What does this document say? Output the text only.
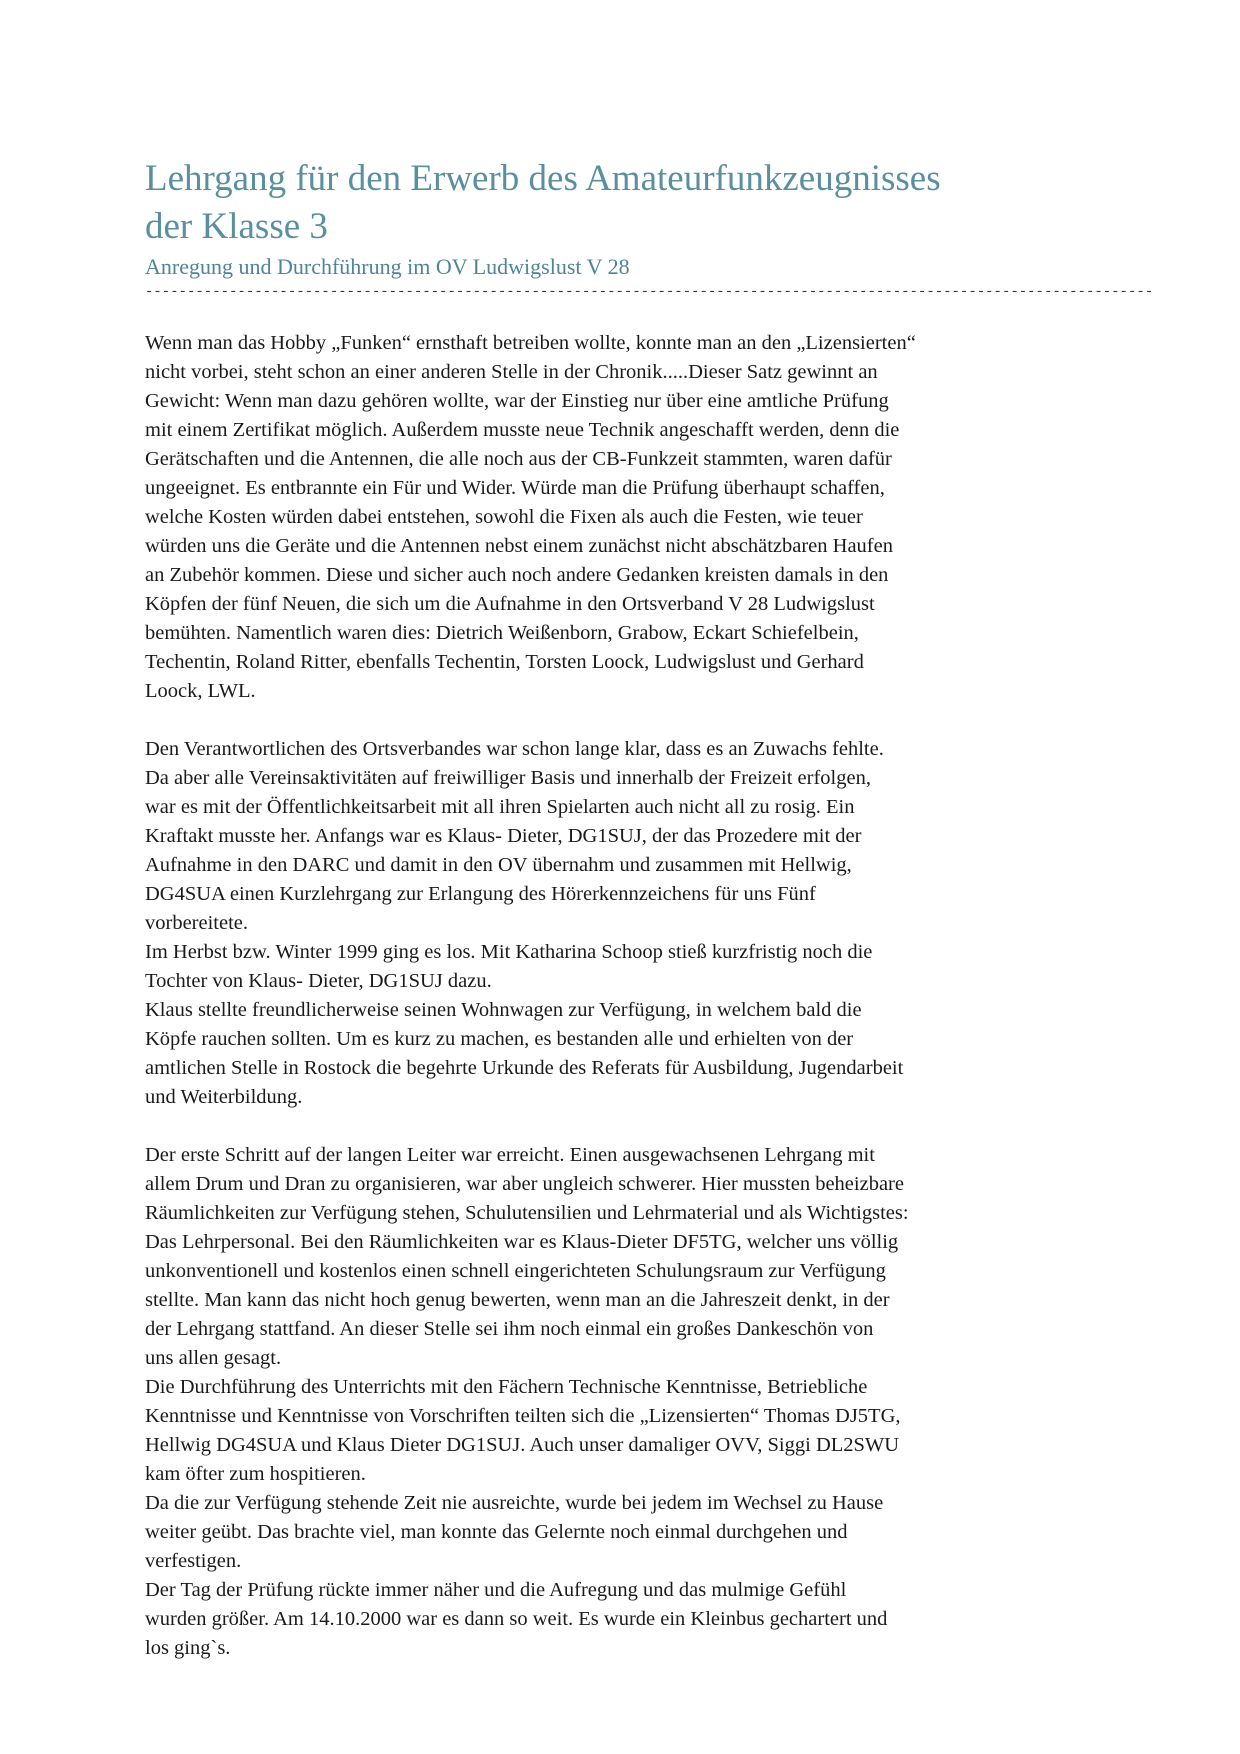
Lehrgang für den Erwerb des Amateurfunkzeugnisses
der Klasse 3
Anregung und Durchführung im OV Ludwigslust V 28
------------------------------------------------------------------------------------------------------------------------
Wenn man das Hobby „Funken“ ernsthaft betreiben wollte, konnte man an den „Lizensierten“
nicht vorbei, steht schon an einer anderen Stelle in der Chronik.....Dieser Satz gewinnt an
Gewicht: Wenn man dazu gehören wollte, war der Einstieg nur über eine amtliche Prüfung
mit einem Zertifikat möglich. Außerdem musste neue Technik angeschafft werden, denn die
Gerätschaften und die Antennen, die alle noch aus der CB-Funkzeit stammten, waren dafür
ungeeignet. Es entbrannte ein Für und Wider. Würde man die Prüfung überhaupt schaffen,
welche Kosten würden dabei entstehen, sowohl die Fixen als auch die Festen, wie teuer
würden uns die Geräte und die Antennen nebst einem zunächst nicht abschätzbaren Haufen
an Zubehör kommen. Diese und sicher auch noch andere Gedanken kreisten damals in den
Köpfen der fünf Neuen, die sich um die Aufnahme in den Ortsverband V 28 Ludwigslust
bemühten. Namentlich waren dies: Dietrich Weißenborn, Grabow, Eckart Schiefelbein,
Techentin, Roland Ritter, ebenfalls Techentin, Torsten Loock, Ludwigslust und Gerhard
Loock, LWL.
Den Verantwortlichen des Ortsverbandes war schon lange klar, dass es an Zuwachs fehlte.
Da aber alle Vereinsaktivitäten auf freiwilliger Basis und innerhalb der Freizeit erfolgen,
war es mit der Öffentlichkeitsarbeit mit all ihren Spielarten auch nicht all zu rosig. Ein
Kraftakt musste her. Anfangs war es Klaus- Dieter, DG1SUJ, der das Prozedere mit der
Aufnahme in den DARC und damit in den OV übernahm und zusammen mit Hellwig,
DG4SUA einen Kurzlehrgang zur Erlangung des Hörerkennzeichens für uns Fünf
vorbereitete.
Im Herbst bzw. Winter 1999 ging es los. Mit Katharina Schoop stieß kurzfristig noch die
Tochter von Klaus- Dieter, DG1SUJ dazu.
Klaus stellte freundlicherweise seinen Wohnwagen zur Verfügung, in welchem bald die
Köpfe rauchen sollten. Um es kurz zu machen, es bestanden alle und erhielten von der
amtlichen Stelle in Rostock die begehrte Urkunde des Referats für Ausbildung, Jugendarbeit
und Weiterbildung.
Der erste Schritt auf der langen Leiter war erreicht. Einen ausgewachsenen Lehrgang mit
allem Drum und Dran zu organisieren, war aber ungleich schwerer. Hier mussten beheizbare
Räumlichkeiten zur Verfügung stehen, Schulutensilien und Lehrmaterial und als Wichtigstes:
Das Lehrpersonal. Bei den Räumlichkeiten war es Klaus-Dieter DF5TG, welcher uns völlig
unkonventionell und kostenlos einen schnell eingerichteten Schulungsraum zur Verfügung
stellte. Man kann das nicht hoch genug bewerten, wenn man an die Jahreszeit denkt, in der
der Lehrgang stattfand. An dieser Stelle sei ihm noch einmal ein großes Dankeschön von
uns allen gesagt.
Die Durchführung des Unterrichts mit den Fächern Technische Kenntnisse, Betriebliche
Kenntnisse und Kenntnisse von Vorschriften teilten sich die „Lizensierten“ Thomas DJ5TG,
Hellwig DG4SUA und Klaus Dieter DG1SUJ. Auch unser damaliger OVV, Siggi DL2SWU
kam öfter zum hospitieren.
Da die zur Verfügung stehende Zeit nie ausreichte, wurde bei jedem im Wechsel zu Hause
weiter geübt. Das brachte viel, man konnte das Gelernte noch einmal durchgehen und
verfestigen.
Der Tag der Prüfung rückte immer näher und die Aufregung und das mulmige Gefühl
wurden größer. Am 14.10.2000 war es dann so weit. Es wurde ein Kleinbus gechartert und
los ging`s.
